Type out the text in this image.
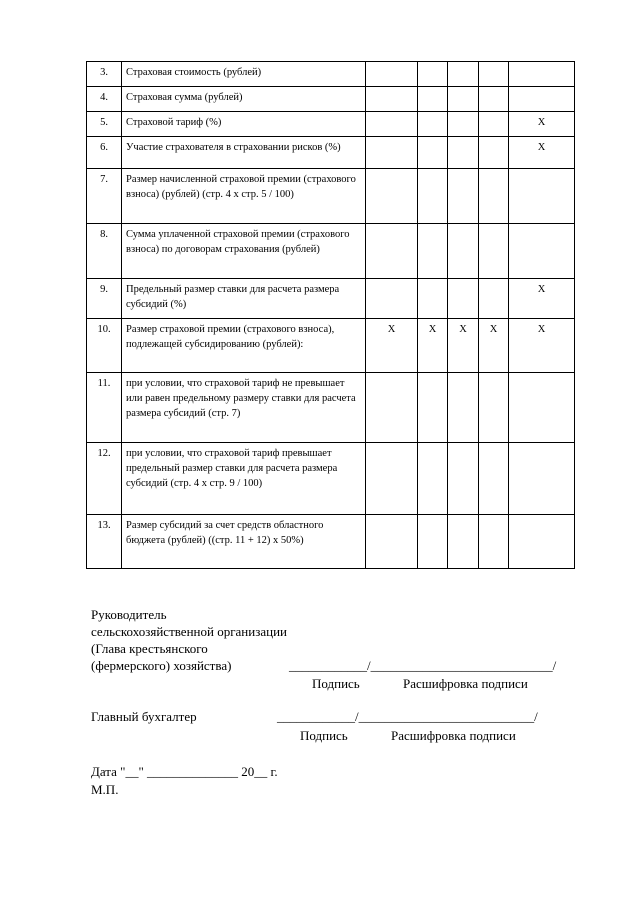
3.	Страховая стоимость (рублей)					
4.	Страховая сумма (рублей)					
5.	Страховой тариф (%)					X
6.	Участие страхователя в страховании рисков (%)					X
7.	Размер начисленной страховой премии (страхового взноса) (рублей) (стр. 4 х стр. 5 / 100)					
8.	Сумма уплаченной страховой премии (страхового взноса) по договорам страхования (рублей)					
9.	Предельный размер ставки для расчета размера субсидий (%)					X
10.	Размер страховой премии (страхового взноса), подлежащей субсидированию (рублей):	X	X	X	X	X
11.	при условии, что страховой тариф не превышает или равен предельному размеру ставки для расчета размера субсидий (стр. 7)					
12.	при условии, что страховой тариф превышает предельный размер ставки для расчета размера субсидий (стр. 4 х стр. 9 / 100)					
13.	Размер субсидий за счет средств областного бюджета (рублей) ((стр. 11 + 12) х 50%)					
Руководитель
сельскохозяйственной организации
(Глава крестьянского
(фермерского) хозяйства)	____________/____________________________/
Подпись	Расшифровка подписи
Главный бухгалтер	____________/___________________________/
Подпись	Расшифровка подписи
Дата "__" ______________ 20__ г.
М.П.
